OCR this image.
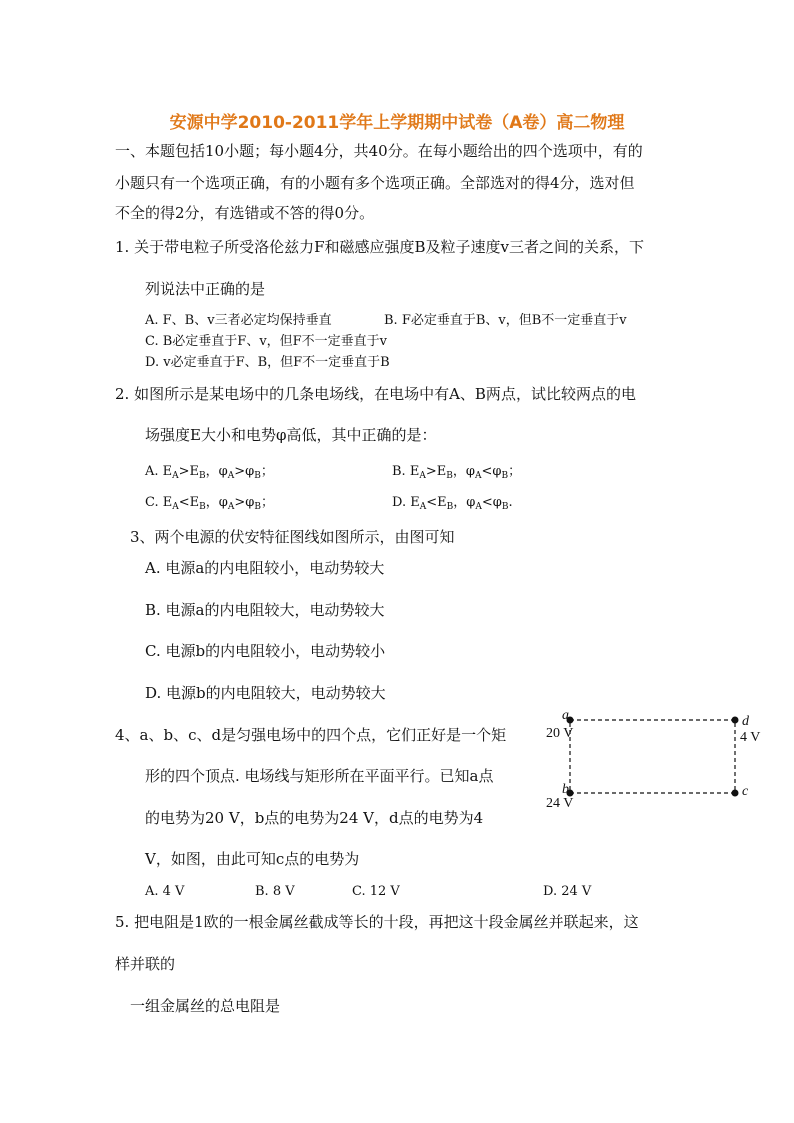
安源中学2010-2011学年上学期期中试卷（A卷）高二物理
一、本题包括10小题；每小题4分，共40分。在每小题给出的四个选项中，有的
小题只有一个选项正确，有的小题有多个选项正确。全部选对的得4分，选对但
不全的得2分，有选错或不答的得0分。
1. 关于带电粒子所受洛伦兹力F和磁感应强度B及粒子速度v三者之间的关系，下
列说法中正确的是
A. F、B、v三者必定均保持垂直	B. F必定垂直于B、v，但B不一定垂直于v
C. B必定垂直于F、v，但F不一定垂直于v
D. v必定垂直于F、B，但F不一定垂直于B
2. 如图所示是某电场中的几条电场线，在电场中有A、B两点，试比较两点的电
场强度E大小和电势φ高低，其中正确的是：
A. $E_A>E_B$，$\varphi_A>\varphi_B$；	B. $E_A>E_B$，$\varphi_A<\varphi_B$；
C. $E_A<E_B$，$\varphi_A>\varphi_B$；	D. $E_A<E_B$，$\varphi_A<\varphi_B$.
3、两个电源的伏安特征图线如图所示，由图可知
A. 电源a的内电阻较小，电动势较大
B. 电源a的内电阻较大，电动势较大
C. 电源b的内电阻较小，电动势较小
D. 电源b的内电阻较大，电动势较大
4、a、b、c、d是匀强电场中的四个点，它们正好是一个矩
形的四个顶点. 电场线与矩形所在平面平行。已知a点
的电势为20 V，b点的电势为24 V，d点的电势为4
V，如图，由此可知c点的电势为
A. 4 V	B. 8 V	C. 12 V	D. 24 V
a
20 V
d
4 V
b
24 V
c
5. 把电阻是1欧的一根金属丝截成等长的十段，再把这十段金属丝并联起来，这
样并联的
一组金属丝的总电阻是
